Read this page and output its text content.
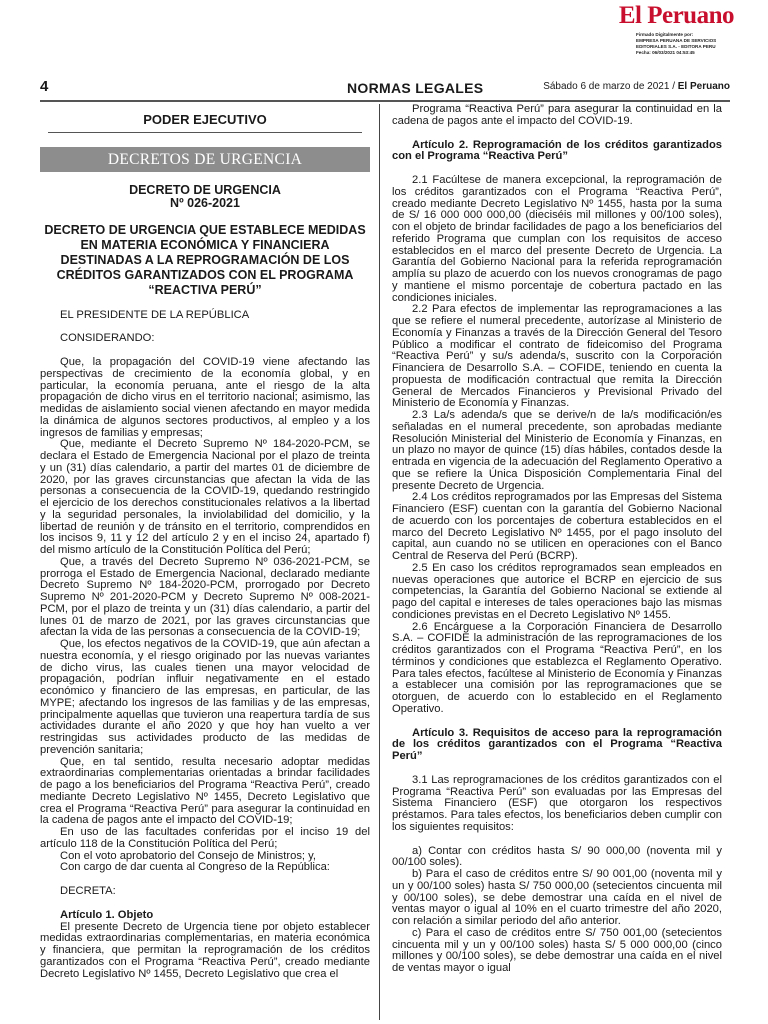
El Peruano
Firmado Digitalmente por:
EMPRESA PERUANA DE SERVICIOS
EDITORIALES S.A. - EDITORA PERU
Fecha: 06/03/2021 04:53:45
4	NORMAS LEGALES	Sábado 6 de marzo de 2021 / El Peruano
PODER EJECUTIVO
DECRETOS DE URGENCIA
DECRETO DE URGENCIA
Nº 026-2021
DECRETO DE URGENCIA QUE ESTABLECE MEDIDAS EN MATERIA ECONÓMICA Y FINANCIERA DESTINADAS A LA REPROGRAMACIÓN DE LOS CRÉDITOS GARANTIZADOS CON EL PROGRAMA “REACTIVA PERÚ”

EL PRESIDENTE DE LA REPÚBLICA

CONSIDERANDO:

Que, la propagación del COVID-19 viene afectando las perspectivas de crecimiento de la economía global, y en particular, la economía peruana, ante el riesgo de la alta propagación de dicho virus en el territorio nacional; asimismo, las medidas de aislamiento social vienen afectando en mayor medida la dinámica de algunos sectores productivos, al empleo y a los ingresos de familias y empresas;

Que, mediante el Decreto Supremo Nº 184-2020-PCM, se declara el Estado de Emergencia Nacional por el plazo de treinta y un (31) días calendario, a partir del martes 01 de diciembre de 2020, por las graves circunstancias que afectan la vida de las personas a consecuencia de la COVID-19, quedando restringido el ejercicio de los derechos constitucionales relativos a la libertad y la seguridad personales, la inviolabilidad del domicilio, y la libertad de reunión y de tránsito en el territorio, comprendidos en los incisos 9, 11 y 12 del artículo 2 y en el inciso 24, apartado f) del mismo artículo de la Constitución Política del Perú;

Que, a través del Decreto Supremo Nº 036-2021-PCM, se prorroga el Estado de Emergencia Nacional, declarado mediante Decreto Supremo Nº 184-2020-PCM, prorrogado por Decreto Supremo Nº 201-2020-PCM y Decreto Supremo Nº 008-2021-PCM, por el plazo de treinta y un (31) días calendario, a partir del lunes 01 de marzo de 2021, por las graves circunstancias que afectan la vida de las personas a consecuencia de la COVID-19;

Que, los efectos negativos de la COVID-19, que aún afectan a nuestra economía, y el riesgo originado por las nuevas variantes de dicho virus, las cuales tienen una mayor velocidad de propagación, podrían influir negativamente en el estado económico y financiero de las empresas, en particular, de las MYPE; afectando los ingresos de las familias y de las empresas, principalmente aquellas que tuvieron una reapertura tardía de sus actividades durante el año 2020 y que hoy han vuelto a ver restringidas sus actividades producto de las medidas de prevención sanitaria;

Que, en tal sentido, resulta necesario adoptar medidas extraordinarias complementarias orientadas a brindar facilidades de pago a los beneficiarios del Programa “Reactiva Perú”, creado mediante Decreto Legislativo Nº 1455, Decreto Legislativo que crea el Programa “Reactiva Perú” para asegurar la continuidad en la cadena de pagos ante el impacto del COVID-19;

En uso de las facultades conferidas por el inciso 19 del artículo 118 de la Constitución Política del Perú;

Con el voto aprobatorio del Consejo de Ministros; y,

Con cargo de dar cuenta al Congreso de la República:

DECRETA:

Artículo 1. Objeto

El presente Decreto de Urgencia tiene por objeto establecer medidas extraordinarias complementarias, en materia económica y financiera, que permitan la reprogramación de los créditos garantizados con el Programa “Reactiva Perú”, creado mediante Decreto Legislativo Nº 1455, Decreto Legislativo que crea el

Programa “Reactiva Perú” para asegurar la continuidad en la cadena de pagos ante el impacto del COVID-19.

Artículo 2. Reprogramación de los créditos garantizados con el Programa “Reactiva Perú”

2.1 Facúltese de manera excepcional, la reprogramación de los créditos garantizados con el Programa “Reactiva Perú”, creado mediante Decreto Legislativo Nº 1455, hasta por la suma de S/ 16 000 000 000,00 (dieciséis mil millones y 00/100 soles), con el objeto de brindar facilidades de pago a los beneficiarios del referido Programa que cumplan con los requisitos de acceso establecidos en el marco del presente Decreto de Urgencia. La Garantía del Gobierno Nacional para la referida reprogramación amplía su plazo de acuerdo con los nuevos cronogramas de pago y mantiene el mismo porcentaje de cobertura pactado en las condiciones iniciales.

2.2 Para efectos de implementar las reprogramaciones a las que se refiere el numeral precedente, autorízase al Ministerio de Economía y Finanzas a través de la Dirección General del Tesoro Público a modificar el contrato de fideicomiso del Programa “Reactiva Perú” y su/s adenda/s, suscrito con la Corporación Financiera de Desarrollo S.A. – COFIDE, teniendo en cuenta la propuesta de modificación contractual que remita la Dirección General de Mercados Financieros y Previsional Privado del Ministerio de Economía y Finanzas.

2.3 La/s adenda/s que se derive/n de la/s modificación/es señaladas en el numeral precedente, son aprobadas mediante Resolución Ministerial del Ministerio de Economía y Finanzas, en un plazo no mayor de quince (15) días hábiles, contados desde la entrada en vigencia de la adecuación del Reglamento Operativo a que se refiere la Única Disposición Complementaria Final del presente Decreto de Urgencia.

2.4 Los créditos reprogramados por las Empresas del Sistema Financiero (ESF) cuentan con la garantía del Gobierno Nacional de acuerdo con los porcentajes de cobertura establecidos en el marco del Decreto Legislativo Nº 1455, por el pago insoluto del capital, aun cuando no se utilicen en operaciones con el Banco Central de Reserva del Perú (BCRP).

2.5 En caso los créditos reprogramados sean empleados en nuevas operaciones que autorice el BCRP en ejercicio de sus competencias, la Garantía del Gobierno Nacional se extiende al pago del capital e intereses de tales operaciones bajo las mismas condiciones previstas en el Decreto Legislativo Nº 1455.

2.6 Encárguese a la Corporación Financiera de Desarrollo S.A. – COFIDE la administración de las reprogramaciones de los créditos garantizados con el Programa “Reactiva Perú”, en los términos y condiciones que establezca el Reglamento Operativo. Para tales efectos, facúltese al Ministerio de Economía y Finanzas a establecer una comisión por las reprogramaciones que se otorguen, de acuerdo con lo establecido en el Reglamento Operativo.

Artículo 3. Requisitos de acceso para la reprogramación de los créditos garantizados con el Programa “Reactiva Perú”

3.1 Las reprogramaciones de los créditos garantizados con el Programa “Reactiva Perú” son evaluadas por las Empresas del Sistema Financiero (ESF) que otorgaron los respectivos préstamos. Para tales efectos, los beneficiarios deben cumplir con los siguientes requisitos:

a) Contar con créditos hasta S/ 90 000,00 (noventa mil y 00/100 soles).

b) Para el caso de créditos entre S/ 90 001,00 (noventa mil y un y 00/100 soles) hasta S/ 750 000,00 (setecientos cincuenta mil y 00/100 soles), se debe demostrar una caída en el nivel de ventas mayor o igual al 10% en el cuarto trimestre del año 2020, con relación a similar periodo del año anterior.

c) Para el caso de créditos entre S/ 750 001,00 (setecientos cincuenta mil y un y 00/100 soles) hasta S/ 5 000 000,00 (cinco millones y 00/100 soles), se debe demostrar una caída en el nivel de ventas mayor o igual
